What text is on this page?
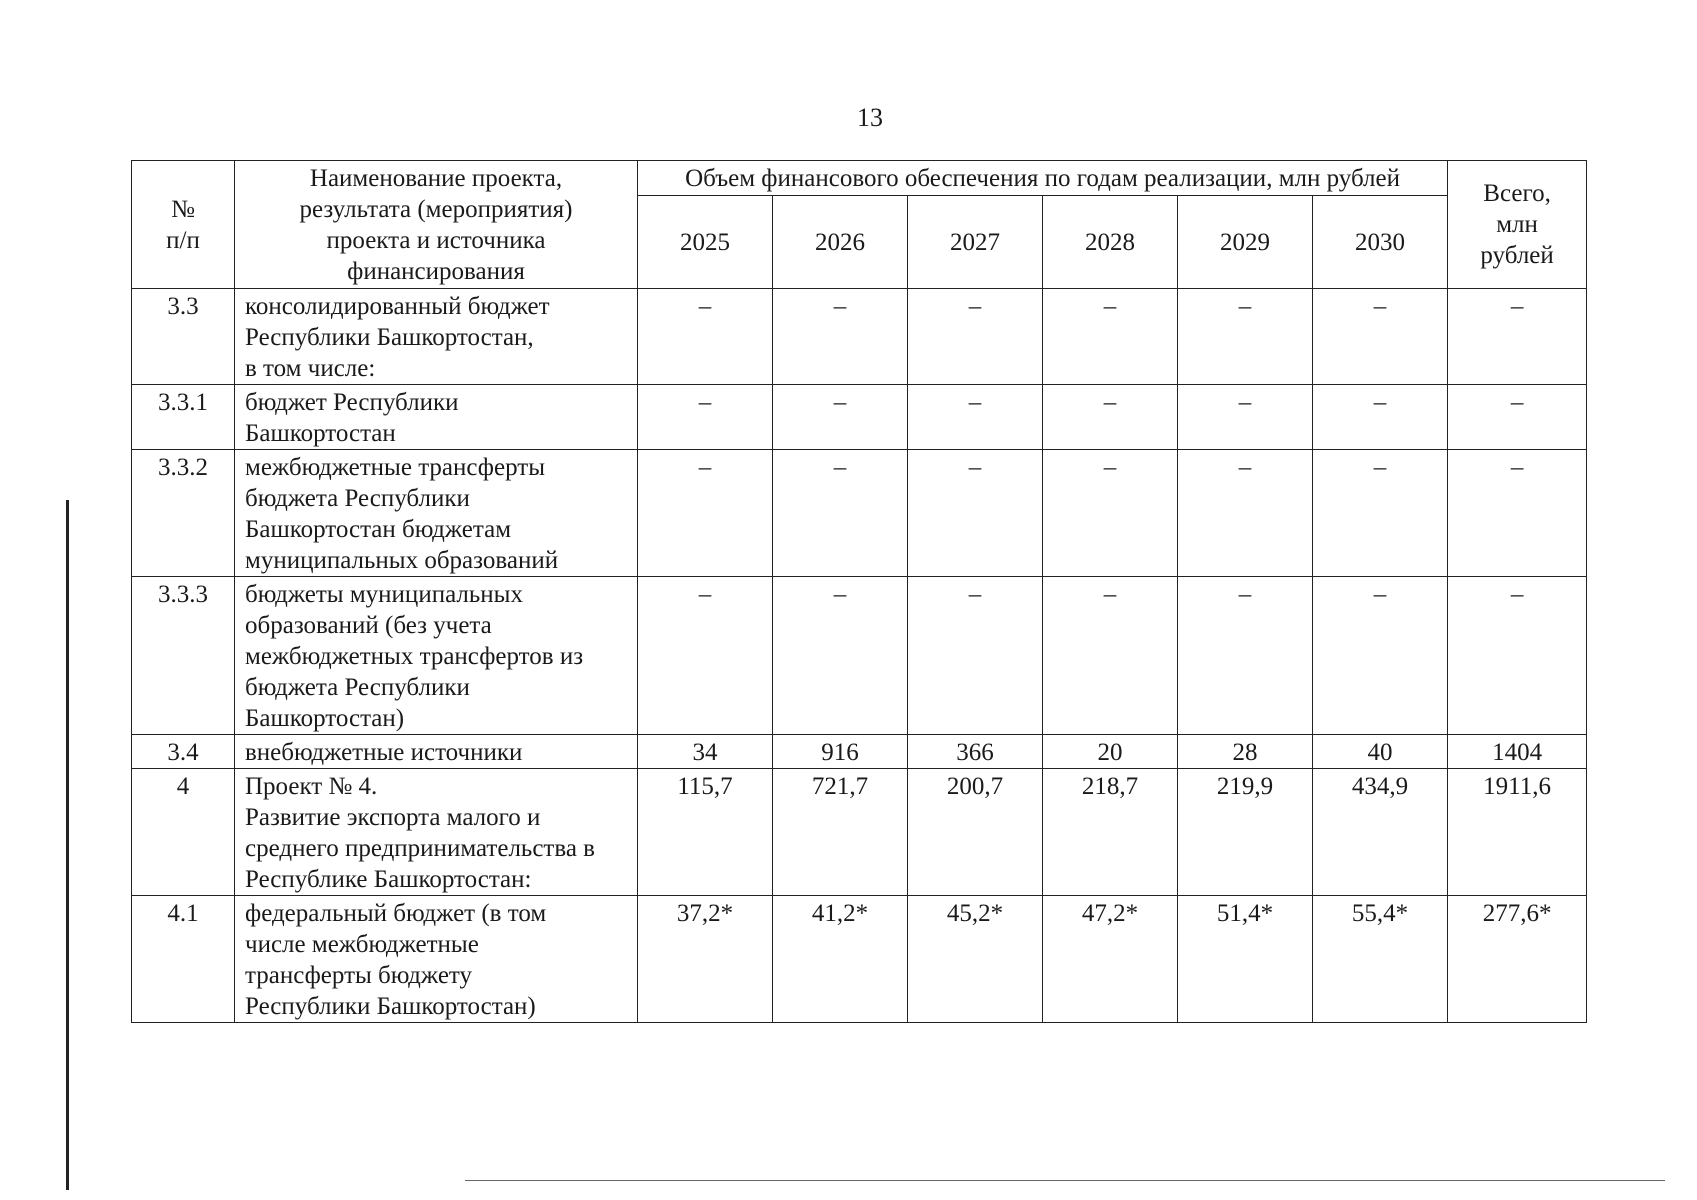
13
№
п/п	Наименование проекта,
результата (мероприятия)
проекта и источника
финансирования	Объем финансового обеспечения по годам реализации, млн рублей						Всего,
млн
рублей
		2025	2026	2027	2028	2029	2030	
3.3	консолидированный бюджет
Республики Башкортостан,
в том числе:	–	–	–	–	–	–	–
3.3.1	бюджет Республики
Башкортостан	–	–	–	–	–	–	–
3.3.2	межбюджетные трансферты
бюджета Республики
Башкортостан бюджетам
муниципальных образований	–	–	–	–	–	–	–
3.3.3	бюджеты муниципальных
образований (без учета
межбюджетных трансфертов из
бюджета Республики
Башкортостан)	–	–	–	–	–	–	–
3.4	внебюджетные источники	34	916	366	20	28	40	1404
4	Проект № 4.
Развитие экспорта малого и
среднего предпринимательства в
Республике Башкортостан:	115,7	721,7	200,7	218,7	219,9	434,9	1911,6
4.1	федеральный бюджет (в том
числе межбюджетные
трансферты бюджету
Республики Башкортостан)	37,2*	41,2*	45,2*	47,2*	51,4*	55,4*	277,6*
